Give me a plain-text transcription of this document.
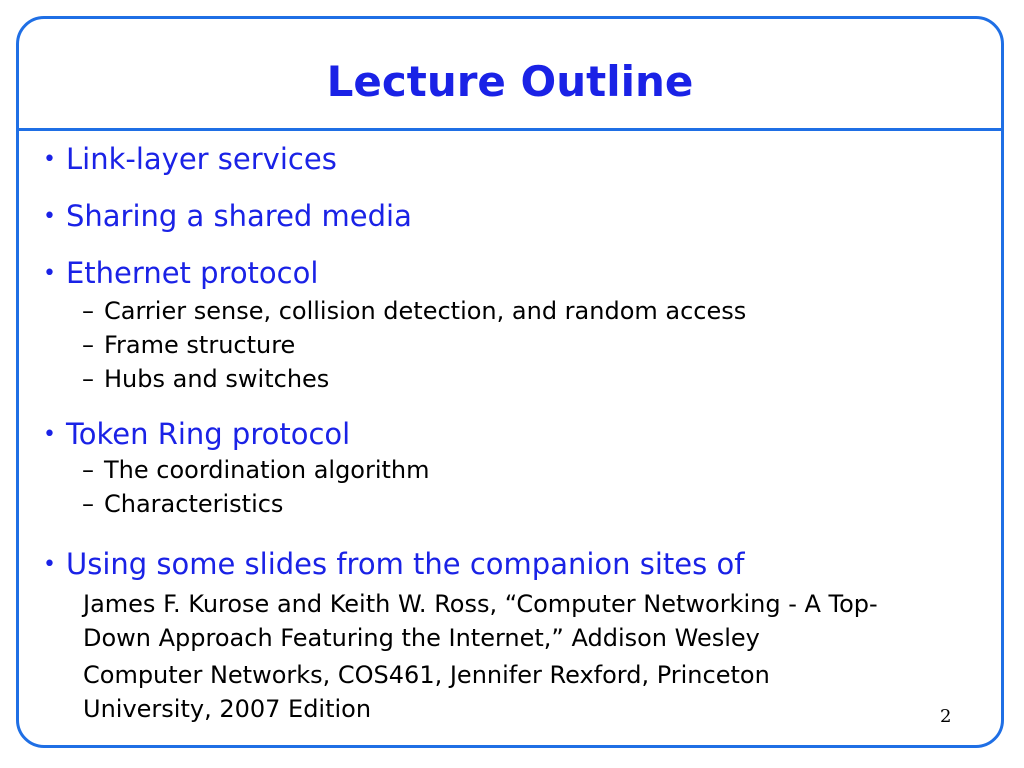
Lecture Outline
• Link-layer services
• Sharing a shared media
• Ethernet protocol
– Carrier sense, collision detection, and random access
– Frame structure
– Hubs and switches
• Token Ring protocol
– The coordination algorithm
– Characteristics
• Using some slides from the companion sites of
James F. Kurose and Keith W. Ross, “Computer Networking - A Top-
Down Approach Featuring the Internet,” Addison Wesley
Computer Networks, COS461, Jennifer Rexford, Princeton
University, 2007 Edition	2
